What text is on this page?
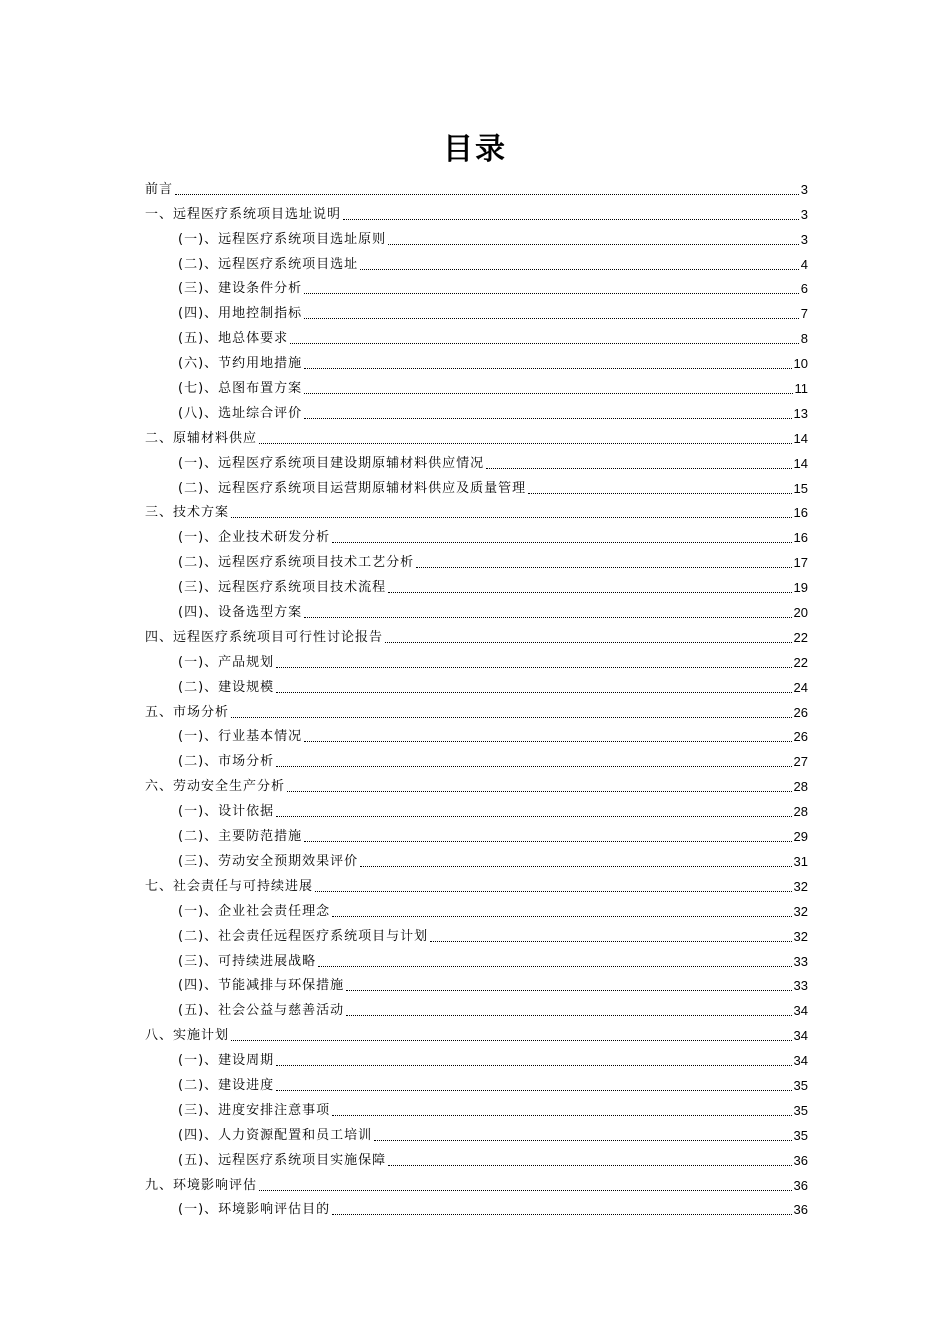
目录
前言	3
一、远程医疗系统项目选址说明	3
(一)、远程医疗系统项目选址原则	3
(二)、远程医疗系统项目选址	4
(三)、建设条件分析	6
(四)、用地控制指标	7
(五)、地总体要求	8
(六)、节约用地措施	10
(七)、总图布置方案	11
(八)、选址综合评价	13
二、原辅材料供应	14
(一)、远程医疗系统项目建设期原辅材料供应情况	14
(二)、远程医疗系统项目运营期原辅材料供应及质量管理	15
三、技术方案	16
(一)、企业技术研发分析	16
(二)、远程医疗系统项目技术工艺分析	17
(三)、远程医疗系统项目技术流程	19
(四)、设备选型方案	20
四、远程医疗系统项目可行性讨论报告	22
(一)、产品规划	22
(二)、建设规模	24
五、市场分析	26
(一)、行业基本情况	26
(二)、市场分析	27
六、劳动安全生产分析	28
(一)、设计依据	28
(二)、主要防范措施	29
(三)、劳动安全预期效果评价	31
七、社会责任与可持续进展	32
(一)、企业社会责任理念	32
(二)、社会责任远程医疗系统项目与计划	32
(三)、可持续进展战略	33
(四)、节能减排与环保措施	33
(五)、社会公益与慈善活动	34
八、实施计划	34
(一)、建设周期	34
(二)、建设进度	35
(三)、进度安排注意事项	35
(四)、人力资源配置和员工培训	35
(五)、远程医疗系统项目实施保障	36
九、环境影响评估	36
(一)、环境影响评估目的	36
